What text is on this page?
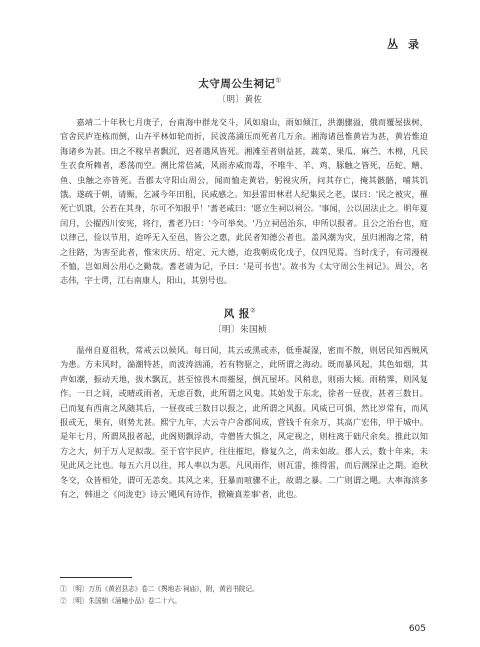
丛 录
太守周公生祠记①
〔明〕黄佐

嘉靖二十年秋七月庚子，台南海中群龙交斗，风如扇山，雨如倾江，洪潮骤溢，俄而覆屋拔树，官舍民庐连栋而倒，山卉平林如轮而折，民波荡涌压而死者几万余。湘海诸邑惟黄岩为甚，黄岩惟迫海诸乡为甚。田之不稼早者飘沉，迟者遇风皆死。湘滩至者则益甚，蔬菜、果瓜、麻苎、木棉，凡民生衣食所赖者，悉荡而空。溯比常倍减，风雨赤咸而毒，不唯牛、羊、鸡、豚触之皆死，岳蛇、鳝、鱼、虫触之亦皆死。吾郡太守阳山周公，闻而恤走黄岩，躬视灾所，问其存亡，掩其骸骼，哺其饥饿。遂疏于朝，请赈，乞减今年田租，民咸感之。知县雷田林君人纪集民之老，谋曰：'民之被灾，罹死亡饥饿，公若在其身，尔可不知报乎！'耆老咸曰：'愿立生祠以祠公。'事闻，公以固法止之。明年夏闰月，公擢西川安宪，将行，耆老乃曰：'今可举矣。'乃立祠邑治东，申所以报者。且公之治台也，庭以律己，俭以节用，迨呼无入至邑，皆公之惠，此民者知德公者也。盖风潮为灾，虽归湘海之常，稍之往路，为害至此者，惟宋庆历、绍定、元大德，迨我朝成化戊子，仅四见焉。当时戊子，有司漫视不恤，岂如周公用心之勤哉。耆老请为记，予曰：'是可书也'。故书为《太守周公生祠记》。周公，名志伟，字士谔，江右南康人，阳山，其别号也。

风 报②
〔明〕朱国桢

温州自夏徂秋，常戒云以候风。每日间，其云或黑或赤，低垂凝湿，密而不散，则居民知西贼风为患。方未风时，湍潮特甚，而波涛汹涌，若有物驱之，此所谓之海动。既而暴风起，其色如烟，其声如潮，振动天地，拔木飘瓦，甚至惊畏木而摧屋，倒瓦屋坏。风稍息，则雨大倾。雨稍霁，则风复作。一日之间，或晴或雨者，无虑百数，此所谓之风鬼。其始发于东北，徐者一昼夜，甚者三数日。已而复有西南之风随其后，一昼夜或三数日以报之，此所谓之风报。风威已可惧，然比岁常有，而风报或无，果有，则势尤甚。熙宁九年，大云寺户舍郡间成，营钱千有余万，其高广宏伟，甲于城中。是年七月，所谓风报者起，此阁则飘浮动，寺僧皆大惧之，风定视之，则柱离于础尺余矣。推此以知方之大，何于万人足拟哉。至于官宇民庐，往往摧圯，修复久之，尚未如故。郡人云，数十年来，未见此风之比也。每五六月以往，邦人率以为恶。凡风雨作，则瓦雷，推得雷，而后测深止之期。迨秋冬交，众皆相处，谓可无恙矣。其风之来，狂暴而喧骤不止，故谓之暴。二广则谓之飓。大率海滨多有之，韩退之《问泷吏》诗云'飓风有诗作，掀簸真差事'者，此也。

① 〔明〕万历《黄岩县志》卷二《舆地志·祠庙》，附，黄岩书院记。
② 〔明〕朱国桢《涌幢小品》卷二十六。
605
